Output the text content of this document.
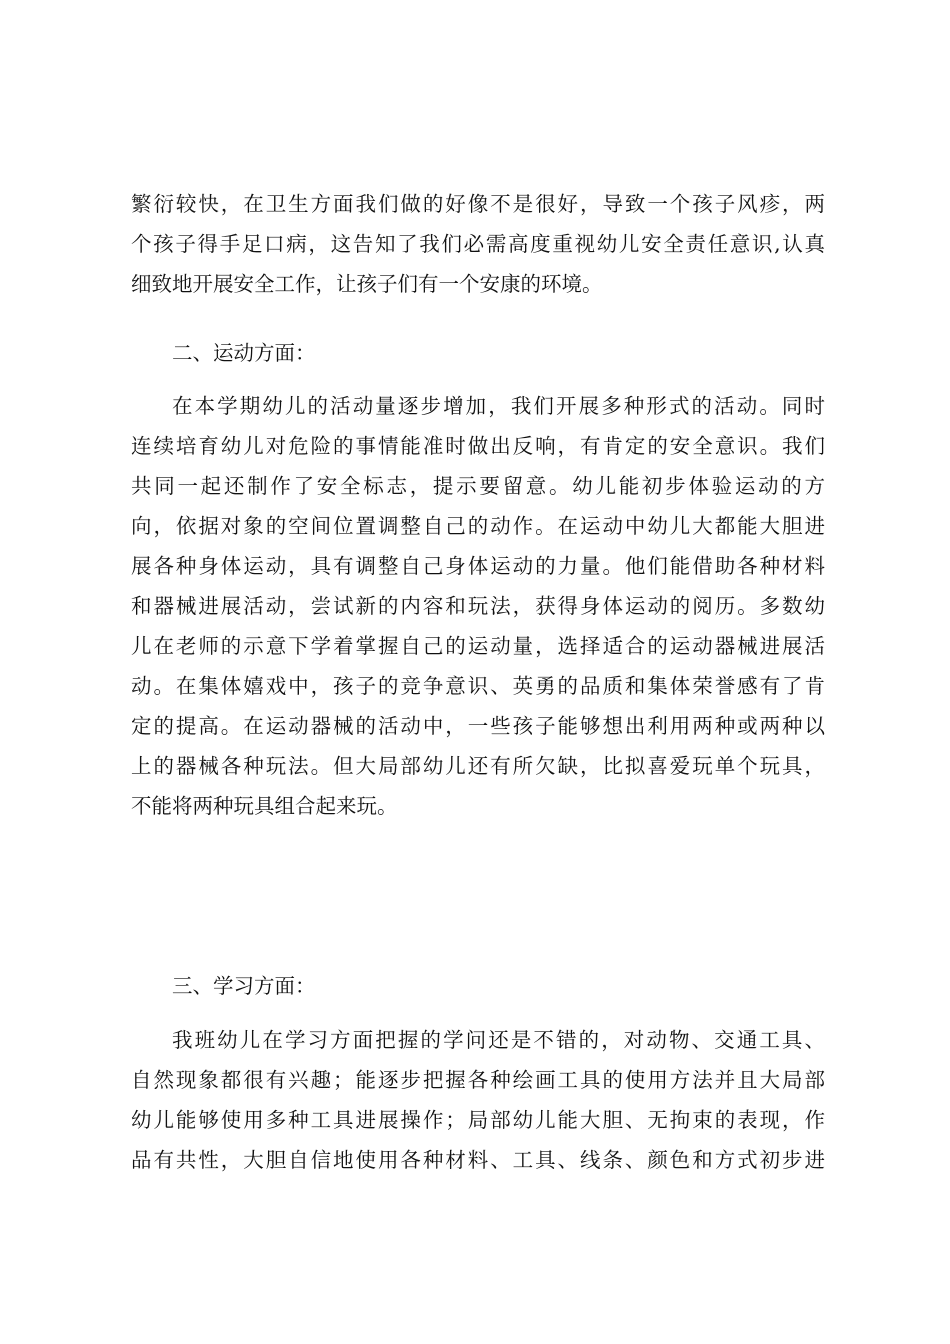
繁衍较快，在卫生方面我们做的好像不是很好，导致一个孩子风疹，两
个孩子得手足口病，这告知了我们必需高度重视幼儿安全责任意识,认真
细致地开展安全工作，让孩子们有一个安康的环境。
二、运动方面：
在本学期幼儿的活动量逐步增加，我们开展多种形式的活动。同时
连续培育幼儿对危险的事情能准时做出反响，有肯定的安全意识。我们
共同一起还制作了安全标志，提示要留意。幼儿能初步体验运动的方
向，依据对象的空间位置调整自己的动作。在运动中幼儿大都能大胆进
展各种身体运动，具有调整自己身体运动的力量。他们能借助各种材料
和器械进展活动，尝试新的内容和玩法，获得身体运动的阅历。多数幼
儿在老师的示意下学着掌握自己的运动量，选择适合的运动器械进展活
动。在集体嬉戏中，孩子的竞争意识、英勇的品质和集体荣誉感有了肯
定的提高。在运动器械的活动中，一些孩子能够想出利用两种或两种以
上的器械各种玩法。但大局部幼儿还有所欠缺，比拟喜爱玩单个玩具，
不能将两种玩具组合起来玩。
三、学习方面：
我班幼儿在学习方面把握的学问还是不错的，对动物、交通工具、
自然现象都很有兴趣；能逐步把握各种绘画工具的使用方法并且大局部
幼儿能够使用多种工具进展操作；局部幼儿能大胆、无拘束的表现，作
品有共性，大胆自信地使用各种材料、工具、线条、颜色和方式初步进
